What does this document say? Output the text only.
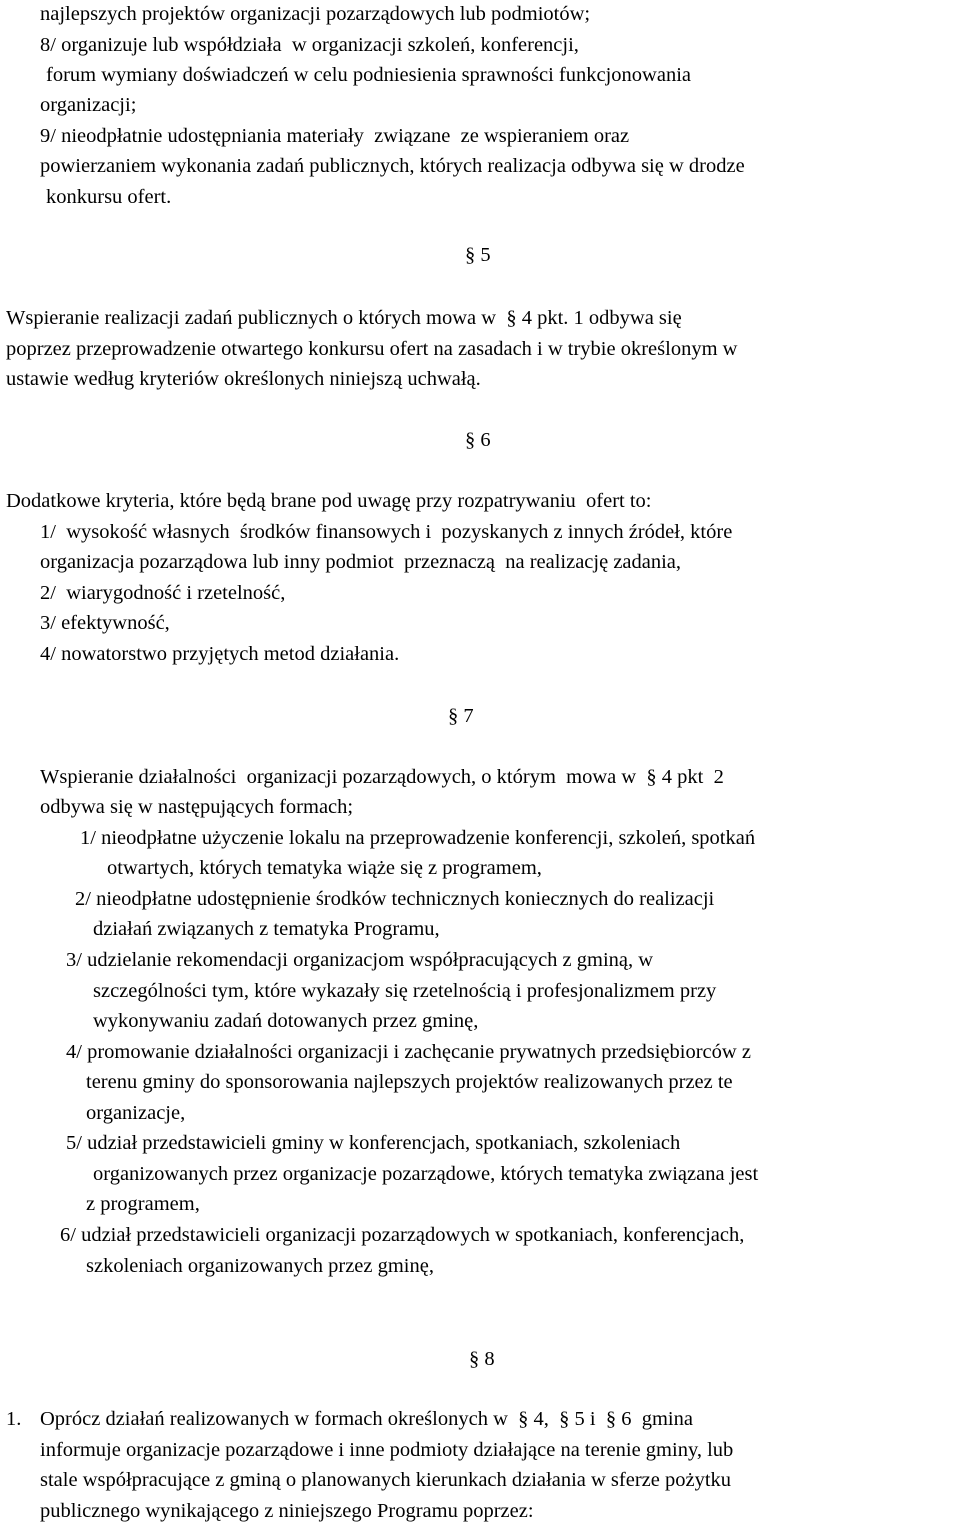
najlepszych projektów organizacji pozarządowych lub podmiotów;
8/ organizuje lub współdziała  w organizacji szkoleń, konferencji,
forum wymiany doświadczeń w celu podniesienia sprawności funkcjonowania
organizacji;
9/ nieodpłatnie udostępniania materiały  związane  ze wspieraniem oraz
powierzaniem wykonania zadań publicznych, których realizacja odbywa się w drodze
konkursu ofert.
§ 5
Wspieranie realizacji zadań publicznych o których mowa w  § 4 pkt. 1 odbywa się
poprzez przeprowadzenie otwartego konkursu ofert na zasadach i w trybie określonym w
ustawie według kryteriów określonych niniejszą uchwałą.
§ 6
Dodatkowe kryteria, które będą brane pod uwagę przy rozpatrywaniu  ofert to:
1/  wysokość własnych  środków finansowych i  pozyskanych z innych źródeł, które
organizacja pozarządowa lub inny podmiot  przeznaczą  na realizację zadania,
2/  wiarygodność i rzetelność,
3/ efektywność,
4/ nowatorstwo przyjętych metod działania.
§ 7
Wspieranie działalności  organizacji pozarządowych, o którym  mowa w  § 4 pkt  2
odbywa się w następujących formach;
1/ nieodpłatne użyczenie lokalu na przeprowadzenie konferencji, szkoleń, spotkań
otwartych, których tematyka wiąże się z programem,
2/ nieodpłatne udostępnienie środków technicznych koniecznych do realizacji
działań związanych z tematyka Programu,
3/ udzielanie rekomendacji organizacjom współpracujących z gminą, w
szczególności tym, które wykazały się rzetelnością i profesjonalizmem przy
wykonywaniu zadań dotowanych przez gminę,
4/ promowanie działalności organizacji i zachęcanie prywatnych przedsiębiorców z
terenu gminy do sponsorowania najlepszych projektów realizowanych przez te
organizacje,
5/ udział przedstawicieli gminy w konferencjach, spotkaniach, szkoleniach
organizowanych przez organizacje pozarządowe, których tematyka związana jest
z programem,
6/ udział przedstawicieli organizacji pozarządowych w spotkaniach, konferencjach,
szkoleniach organizowanych przez gminę,
§ 8
1. Oprócz działań realizowanych w formach określonych w  § 4,  § 5 i  § 6  gmina
informuje organizacje pozarządowe i inne podmioty działające na terenie gminy, lub
stale współpracujące z gminą o planowanych kierunkach działania w sferze pożytku
publicznego wynikającego z niniejszego Programu poprzez:
